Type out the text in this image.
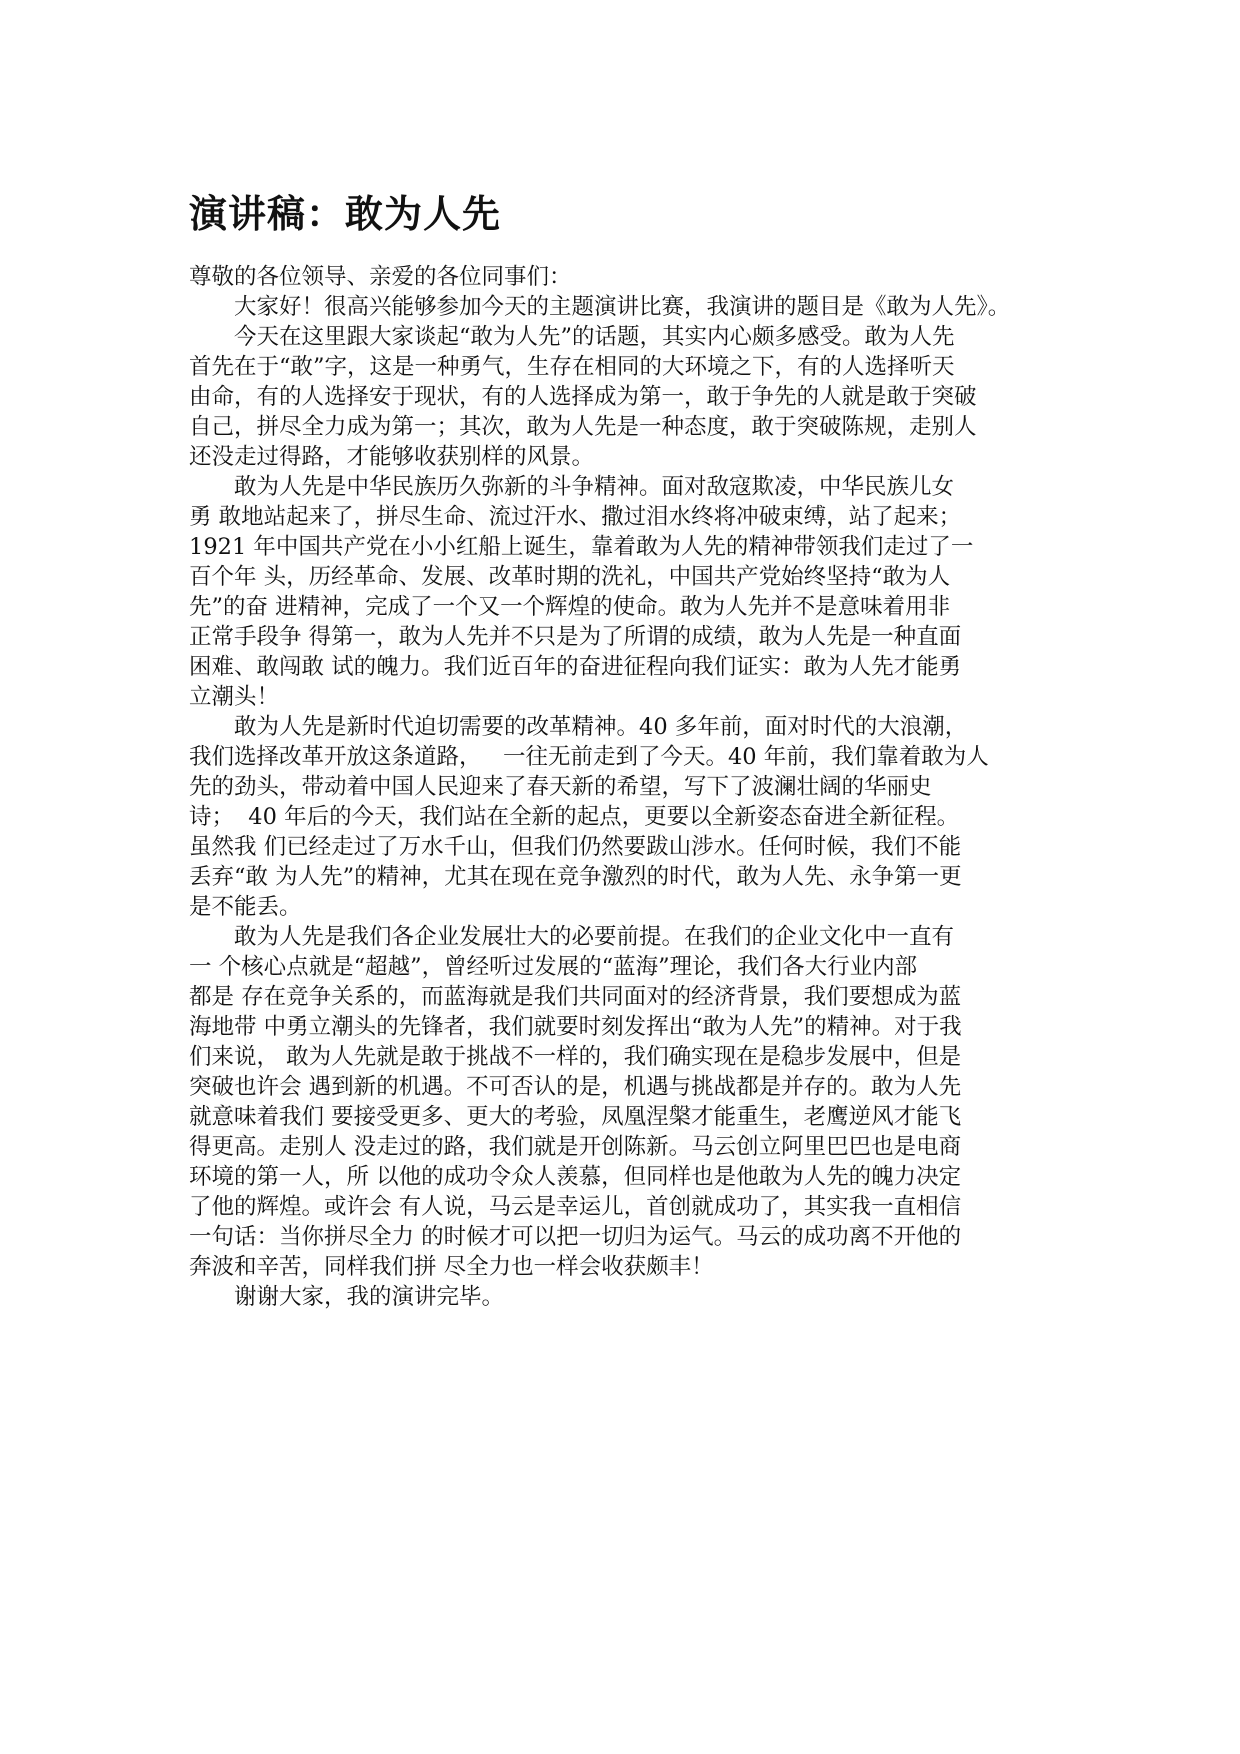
演讲稿：敢为人先

尊敬的各位领导、亲爱的各位同事们：

大家好！很高兴能够参加今天的主题演讲比赛，我演讲的题目是《敢为人先》。

今天在这里跟大家谈起“敢为人先”的话题，其实内心颇多感受。敢为人先
首先在于“敢”字，这是一种勇气，生存在相同的大环境之下，有的人选择听天
由命，有的人选择安于现状，有的人选择成为第一，敢于争先的人就是敢于突破
自己，拼尽全力成为第一；其次，敢为人先是一种态度，敢于突破陈规，走别人
还没走过得路，才能够收获别样的风景。

敢为人先是中华民族历久弥新的斗争精神。面对敌寇欺凌，中华民族儿女
勇 敢地站起来了，拼尽生命、流过汗水、撒过泪水终将冲破束缚，站了起来；
1921 年中国共产党在小小红船上诞生，靠着敢为人先的精神带领我们走过了一
百个年 头，历经革命、发展、改革时期的洗礼，中国共产党始终坚持“敢为人
先”的奋 进精神，完成了一个又一个辉煌的使命。敢为人先并不是意味着用非
正常手段争 得第一，敢为人先并不只是为了所谓的成绩，敢为人先是一种直面
困难、敢闯敢 试的魄力。我们近百年的奋进征程向我们证实：敢为人先才能勇
立潮头！

敢为人先是新时代迫切需要的改革精神。40 多年前，面对时代的大浪潮，
我们选择改革开放这条道路，   一往无前走到了今天。40 年前，我们靠着敢为人
先的劲头，带动着中国人民迎来了春天新的希望，写下了波澜壮阔的华丽史
诗；  40 年后的今天，我们站在全新的起点，更要以全新姿态奋进全新征程。
虽然我 们已经走过了万水千山，但我们仍然要跋山涉水。任何时候，我们不能
丢弃“敢 为人先”的精神，尤其在现在竞争激烈的时代，敢为人先、永争第一更
是不能丢。

敢为人先是我们各企业发展壮大的必要前提。在我们的企业文化中一直有
一 个核心点就是“超越”，曾经听过发展的“蓝海”理论，我们各大行业内部
都是 存在竞争关系的，而蓝海就是我们共同面对的经济背景，我们要想成为蓝
海地带 中勇立潮头的先锋者，我们就要时刻发挥出“敢为人先”的精神。对于我
们来说， 敢为人先就是敢于挑战不一样的，我们确实现在是稳步发展中，但是
突破也许会 遇到新的机遇。不可否认的是，机遇与挑战都是并存的。敢为人先
就意味着我们 要接受更多、更大的考验，凤凰涅槃才能重生，老鹰逆风才能飞
得更高。走别人 没走过的路，我们就是开创陈新。马云创立阿里巴巴也是电商
环境的第一人，所 以他的成功令众人羡慕，但同样也是他敢为人先的魄力决定
了他的辉煌。或许会 有人说，马云是幸运儿，首创就成功了，其实我一直相信
一句话：当你拼尽全力 的时候才可以把一切归为运气。马云的成功离不开他的
奔波和辛苦，同样我们拼 尽全力也一样会收获颇丰！

谢谢大家，我的演讲完毕。
